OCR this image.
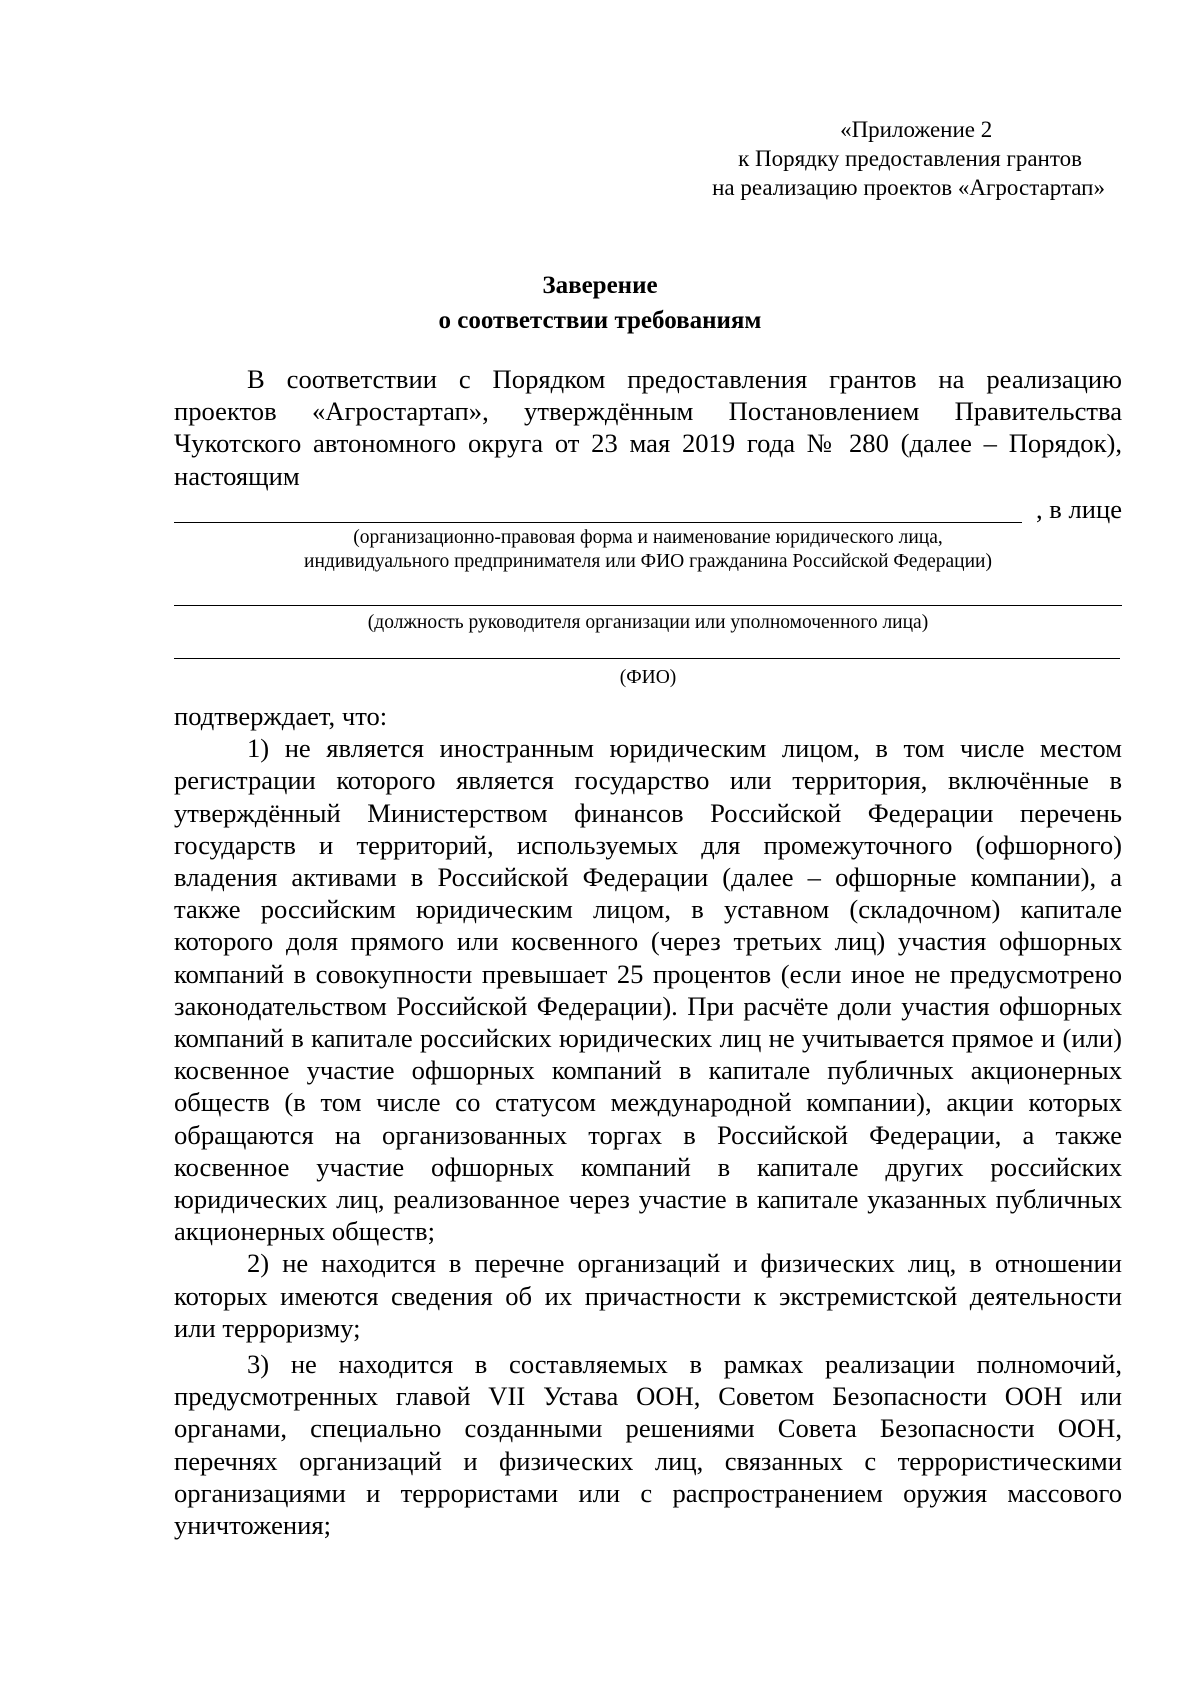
«Приложение 2
к Порядку предоставления грантов
на реализацию проектов «Агростартап»
Заверение
о соответствии требованиям
В соответствии с Порядком предоставления грантов на реализацию проектов «Агростартап», утверждённым Постановлением Правительства Чукотского автономного округа от 23 мая 2019 года № 280 (далее – Порядок), настоящим
, в лице
(организационно-правовая форма и наименование юридического лица,
индивидуального предпринимателя или ФИО гражданина Российской Федерации)
(должность руководителя организации или уполномоченного лица)
(ФИО)

подтверждает, что:

1) не является иностранным юридическим лицом, в том числе местом регистрации которого является государство или территория, включённые в утверждённый Министерством финансов Российской Федерации перечень государств и территорий, используемых для промежуточного (офшорного) владения активами в Российской Федерации (далее – офшорные компании), а также российским юридическим лицом, в уставном (складочном) капитале которого доля прямого или косвенного (через третьих лиц) участия офшорных компаний в совокупности превышает 25 процентов (если иное не предусмотрено законодательством Российской Федерации). При расчёте доли участия офшорных компаний в капитале российских юридических лиц не учитывается прямое и (или) косвенное участие офшорных компаний в капитале публичных акционерных обществ (в том числе со статусом международной компании), акции которых обращаются на организованных торгах в Российской Федерации, а также косвенное участие офшорных компаний в капитале других российских юридических лиц, реализованное через участие в капитале указанных публичных акционерных обществ;

2) не находится в перечне организаций и физических лиц, в отношении которых имеются сведения об их причастности к экстремистской деятельности или терроризму;

3) не находится в составляемых в рамках реализации полномочий, предусмотренных главой VII Устава ООН, Советом Безопасности ООН или органами, специально созданными решениями Совета Безопасности ООН, перечнях организаций и физических лиц, связанных с террористическими организациями и террористами или с распространением оружия массового уничтожения;
